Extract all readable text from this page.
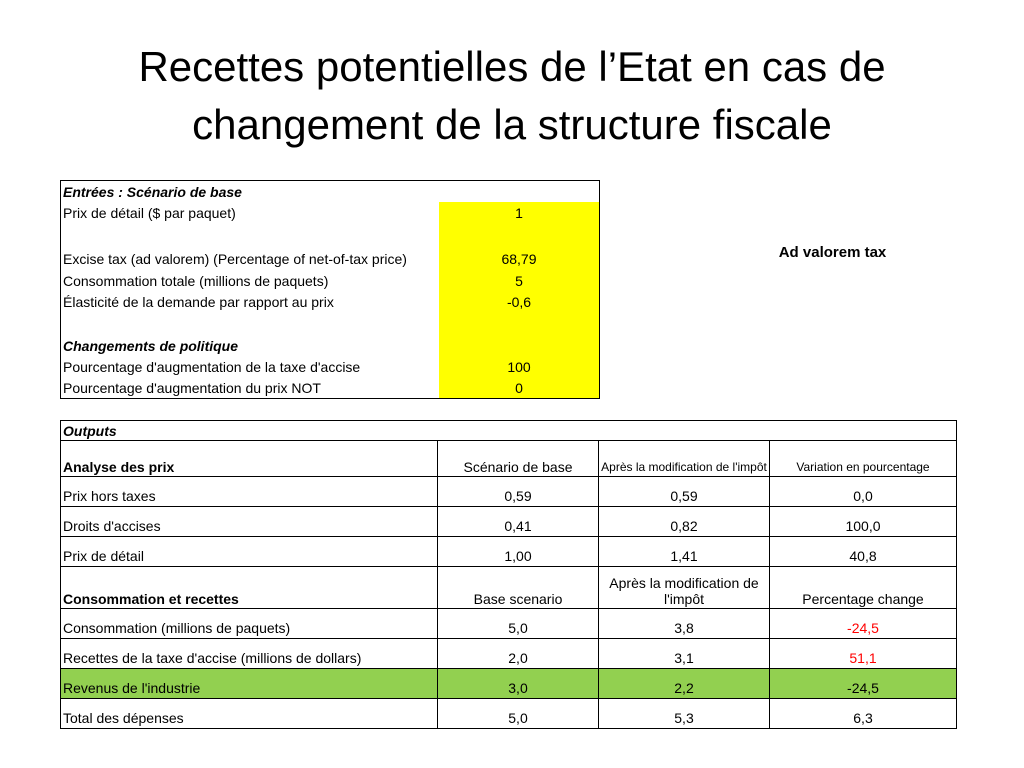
Recettes potentielles de l’Etat en cas de
changement de la structure fiscale
Entrées : Scénario de base	
Prix de détail ($ par paquet)	1
Excise tax (ad valorem) (Percentage of net-of-tax price)	68,79
Consommation totale (millions de paquets)	5
Élasticité de la demande par rapport au prix	-0,6

Changements de politique	
Pourcentage d'augmentation de la taxe d'accise	100
Pourcentage d'augmentation du prix NOT	0
Ad valorem tax
Outputs			
Analyse des prix	Scénario de base	Après la modification de l'impôt	Variation en pourcentage
Prix hors taxes	0,59	0,59	0,0
Droits d'accises	0,41	0,82	100,0
Prix de détail	1,00	1,41	40,8
Consommation et recettes	Base scenario	Après la modification de l'impôt	Percentage change
Consommation (millions de paquets)	5,0	3,8	-24,5
Recettes de la taxe d'accise (millions de dollars)	2,0	3,1	51,1
Revenus de l'industrie	3,0	2,2	-24,5
Total des dépenses	5,0	5,3	6,3
